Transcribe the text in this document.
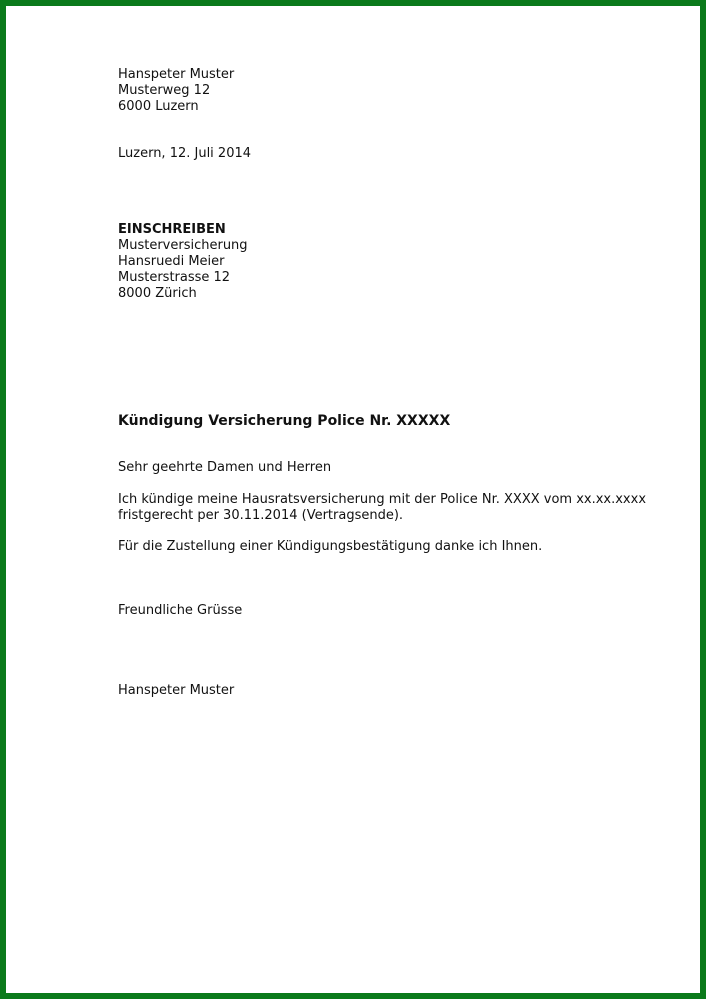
Hanspeter Muster
Musterweg 12
6000 Luzern
Luzern, 12. Juli 2014
EINSCHREIBEN
Musterversicherung
Hansruedi Meier
Musterstrasse 12
8000 Zürich
Kündigung Versicherung Police Nr. XXXXX
Sehr geehrte Damen und Herren
Ich kündige meine Hausratsversicherung mit der Police Nr. XXXX vom xx.xx.xxxx
fristgerecht per 30.11.2014 (Vertragsende).
Für die Zustellung einer Kündigungsbestätigung danke ich Ihnen.
Freundliche Grüsse
Hanspeter Muster
